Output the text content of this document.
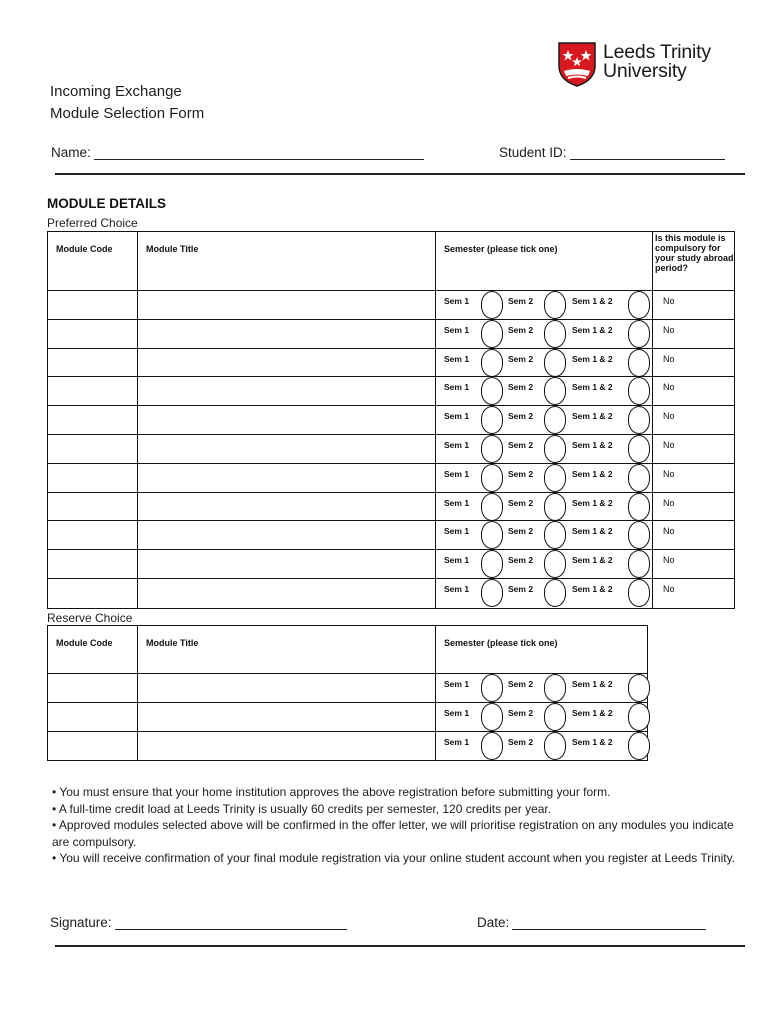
Leeds Trinity
University
Incoming Exchange
Module Selection Form
Name:	Student ID:
MODULE DETAILS
Preferred Choice
Module Code	Module Title	Semester (please tick one)	Is this module is compulsory for your study abroad period?

		Sem 1 Sem 2 Sem 1 & 2	No

		Sem 1 Sem 2 Sem 1 & 2	No

		Sem 1 Sem 2 Sem 1 & 2	No

		Sem 1 Sem 2 Sem 1 & 2	No

		Sem 1 Sem 2 Sem 1 & 2	No

		Sem 1 Sem 2 Sem 1 & 2	No

		Sem 1 Sem 2 Sem 1 & 2	No

		Sem 1 Sem 2 Sem 1 & 2	No

		Sem 1 Sem 2 Sem 1 & 2	No

		Sem 1 Sem 2 Sem 1 & 2	No

		Sem 1 Sem 2 Sem 1 & 2	No
Reserve Choice
Module Code	Module Title	Semester (please tick one)

		Sem 1 Sem 2 Sem 1 & 2

		Sem 1 Sem 2 Sem 1 & 2

		Sem 1 Sem 2 Sem 1 & 2

• You must ensure that your home institution approves the above registration before submitting your form.

• A full-time credit load at Leeds Trinity is usually 60 credits per semester, 120 credits per year.

• Approved modules selected above will be confirmed in the offer letter, we will prioritise registration on any modules you indicate are compulsory.

• You will receive confirmation of your final module registration via your online student account when you register at Leeds Trinity.

Signature:	Date:
